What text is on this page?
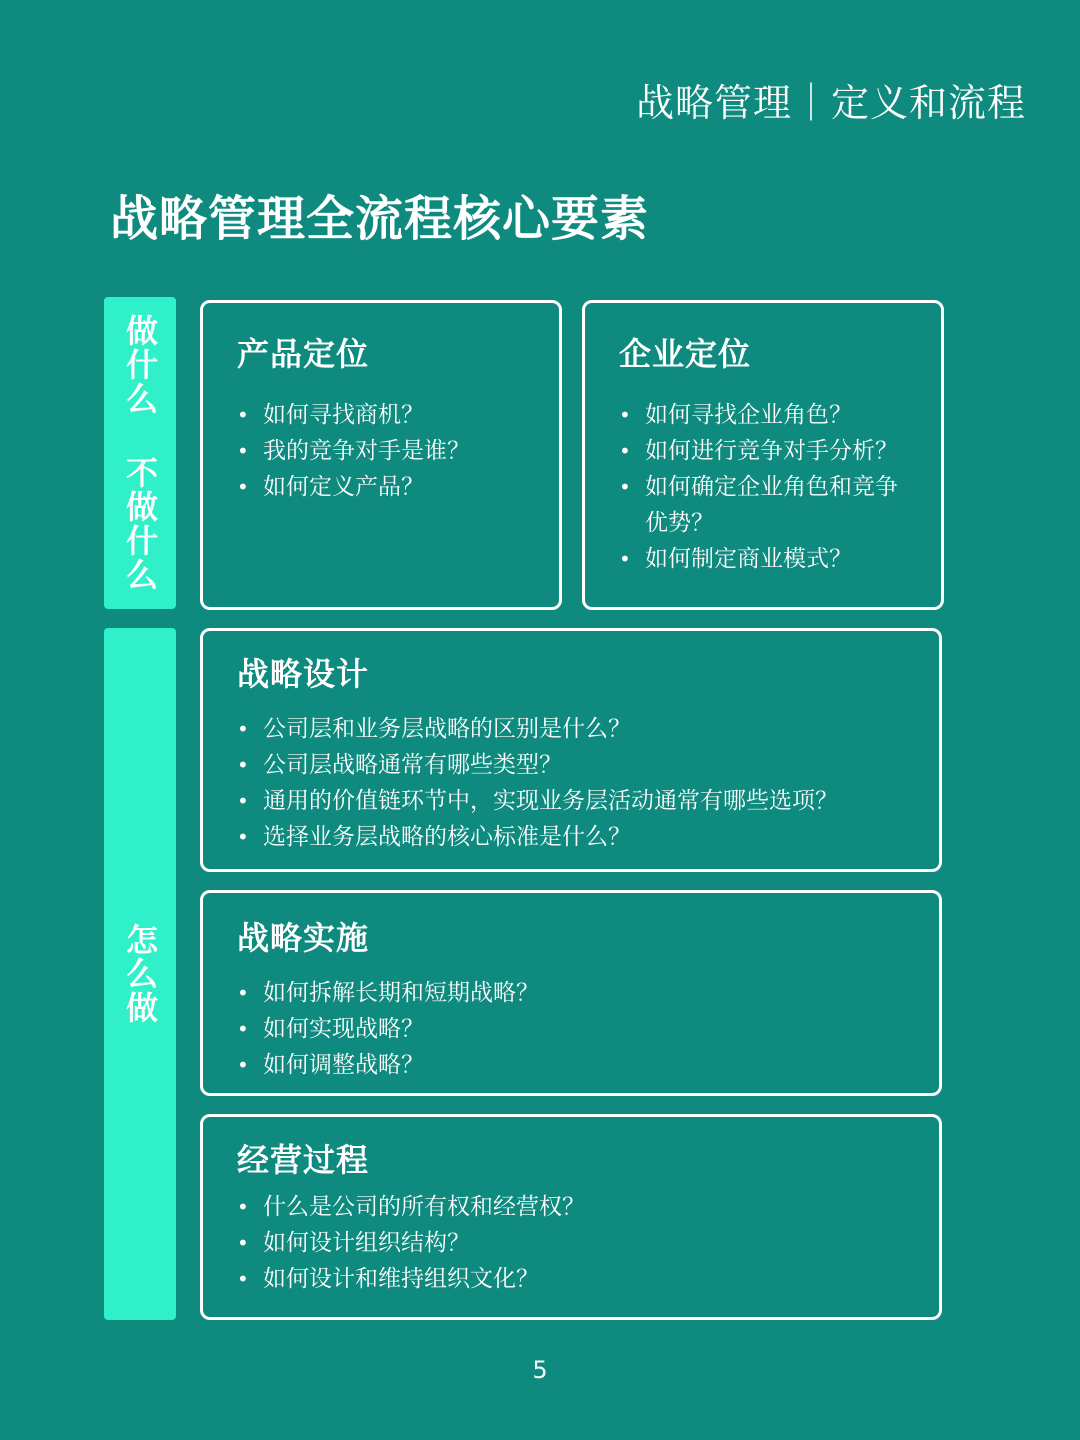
战略管理｜定义和流程
战略管理全流程核心要素
做什么 不做什么
怎么做
产品定位
• 如何寻找商机？
• 我的竞争对手是谁？
• 如何定义产品？
企业定位
• 如何寻找企业角色？
• 如何进行竞争对手分析？
• 如何确定企业角色和竞争优势？
• 如何制定商业模式？
战略设计
• 公司层和业务层战略的区别是什么？
• 公司层战略通常有哪些类型？
• 通用的价值链环节中，实现业务层活动通常有哪些选项？
• 选择业务层战略的核心标准是什么？
战略实施
• 如何拆解长期和短期战略？
• 如何实现战略？
• 如何调整战略？
经营过程
• 什么是公司的所有权和经营权？
• 如何设计组织结构？
• 如何设计和维持组织文化？
5
